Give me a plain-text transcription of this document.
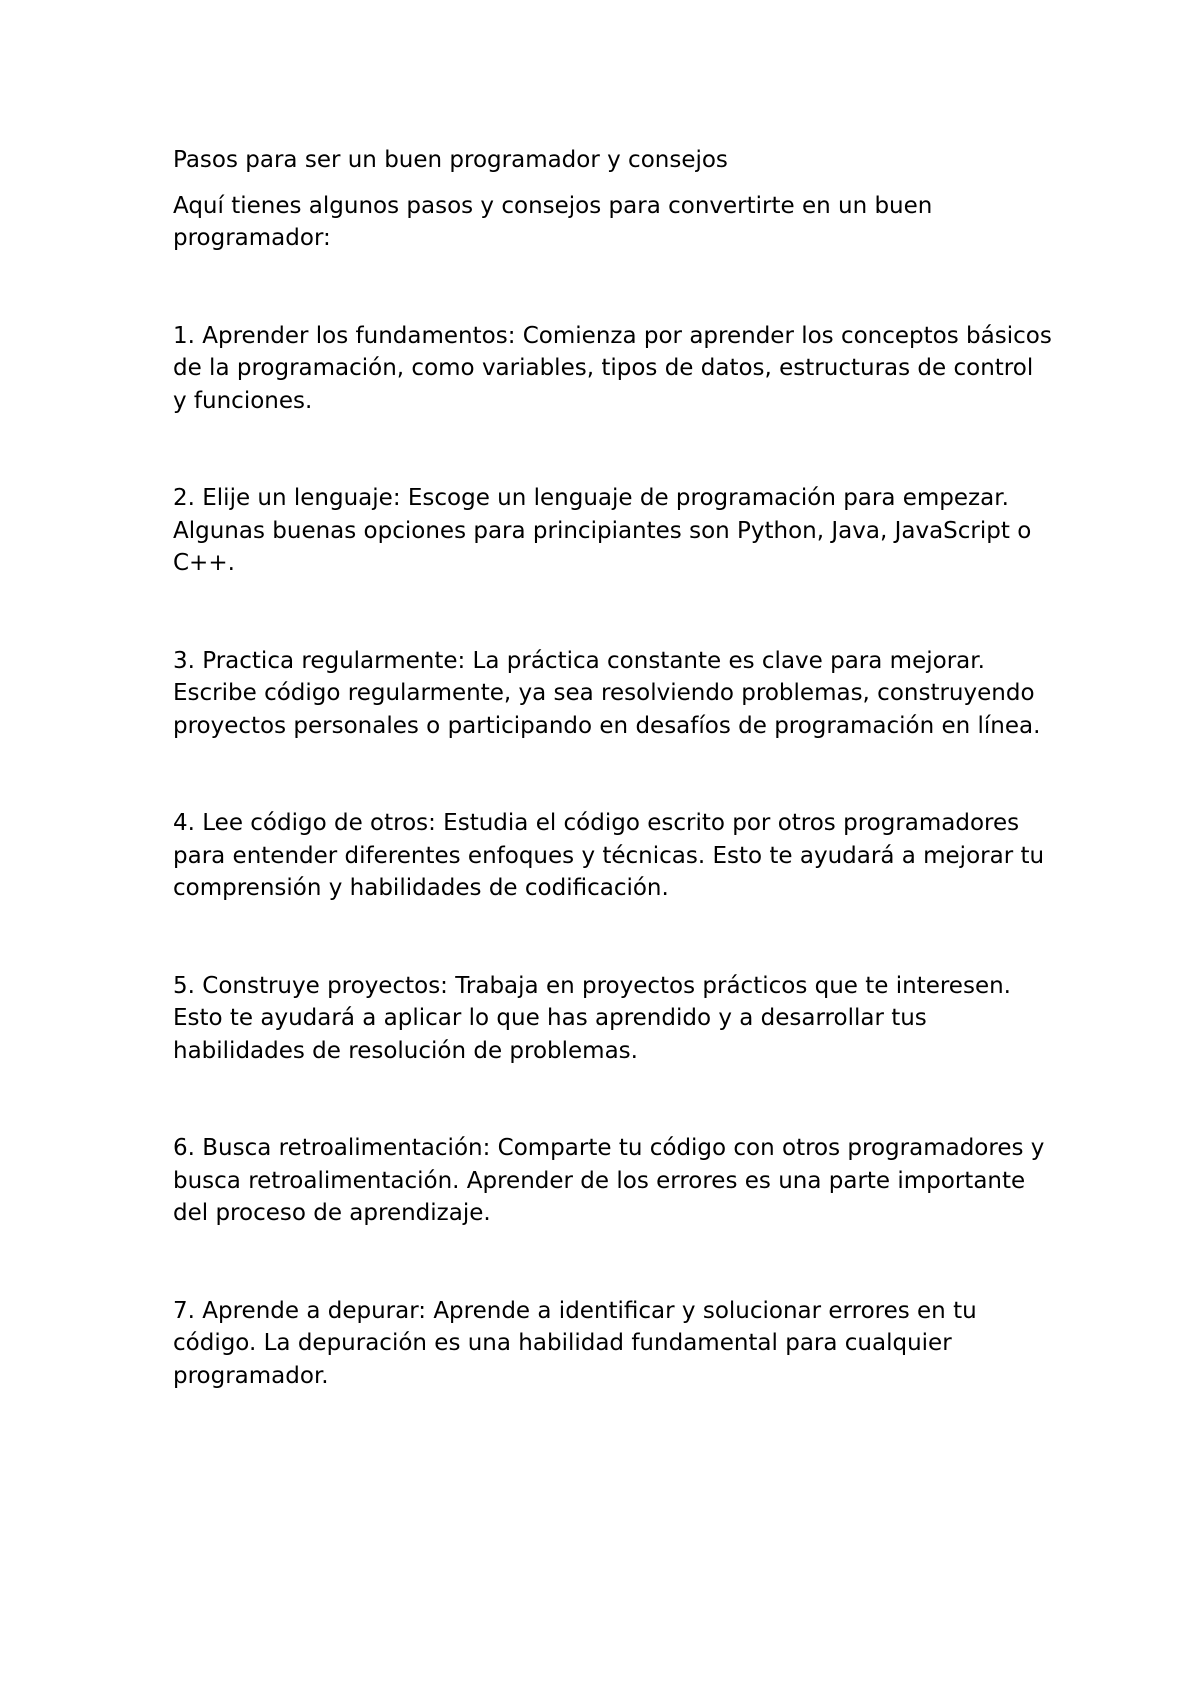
Pasos para ser un buen programador y consejos

Aquí tienes algunos pasos y consejos para convertirte en un buen programador:

1. Aprender los fundamentos: Comienza por aprender los conceptos básicos de la programación, como variables, tipos de datos, estructuras de control y funciones.

2. Elije un lenguaje: Escoge un lenguaje de programación para empezar. Algunas buenas opciones para principiantes son Python, Java, JavaScript o C++.

3. Practica regularmente: La práctica constante es clave para mejorar. Escribe código regularmente, ya sea resolviendo problemas, construyendo proyectos personales o participando en desafíos de programación en línea.

4. Lee código de otros: Estudia el código escrito por otros programadores para entender diferentes enfoques y técnicas. Esto te ayudará a mejorar tu comprensión y habilidades de codificación.

5. Construye proyectos: Trabaja en proyectos prácticos que te interesen. Esto te ayudará a aplicar lo que has aprendido y a desarrollar tus habilidades de resolución de problemas.

6. Busca retroalimentación: Comparte tu código con otros programadores y busca retroalimentación. Aprender de los errores es una parte importante del proceso de aprendizaje.

7. Aprende a depurar: Aprende a identificar y solucionar errores en tu código. La depuración es una habilidad fundamental para cualquier programador.
